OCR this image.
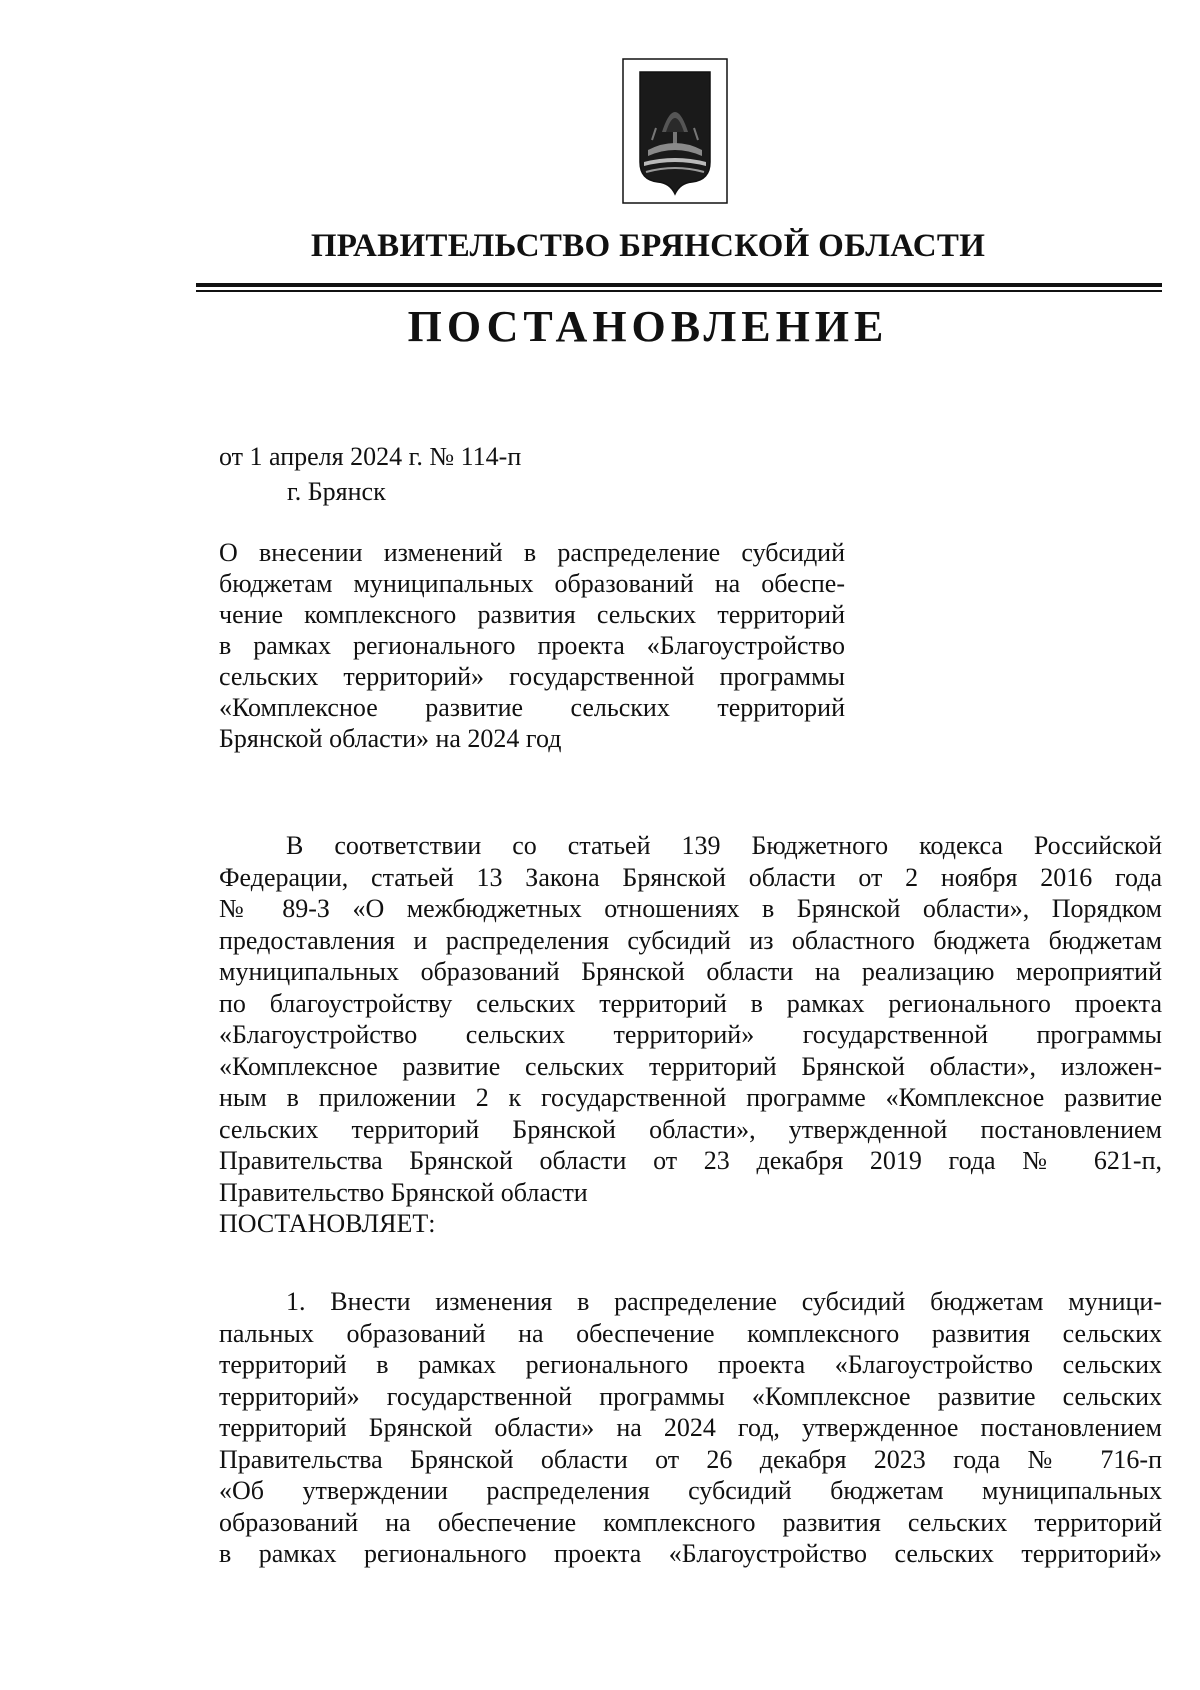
ПРАВИТЕЛЬСТВО БРЯНСКОЙ ОБЛАСТИ
ПОСТАНОВЛЕНИЕ
от 1 апреля 2024 г. № 114-п
г. Брянск
О внесении изменений в распределение субсидий
бюджетам муниципальных образований на обеспе-
чение комплексного развития сельских территорий
в рамках регионального проекта «Благоустройство
сельских территорий» государственной программы
«Комплексное развитие сельских территорий
Брянской области» на 2024 год
В соответствии со статьей 139 Бюджетного кодекса Российской
Федерации, статьей 13 Закона Брянской области от 2 ноября 2016 года
№ 89-З «О межбюджетных отношениях в Брянской области», Порядком
предоставления и распределения субсидий из областного бюджета бюджетам
муниципальных образований Брянской области на реализацию мероприятий
по благоустройству сельских территорий в рамках регионального проекта
«Благоустройство сельских территорий» государственной программы
«Комплексное развитие сельских территорий Брянской области», изложен-
ным в приложении 2 к государственной программе «Комплексное развитие
сельских территорий Брянской области», утвержденной постановлением
Правительства Брянской области от 23 декабря 2019 года № 621-п,
Правительство Брянской области
ПОСТАНОВЛЯЕТ:
1. Внести изменения в распределение субсидий бюджетам муници-
пальных образований на обеспечение комплексного развития сельских
территорий в рамках регионального проекта «Благоустройство сельских
территорий» государственной программы «Комплексное развитие сельских
территорий Брянской области» на 2024 год, утвержденное постановлением
Правительства Брянской области от 26 декабря 2023 года № 716-п
«Об утверждении распределения субсидий бюджетам муниципальных
образований на обеспечение комплексного развития сельских территорий
в рамках регионального проекта «Благоустройство сельских территорий»
